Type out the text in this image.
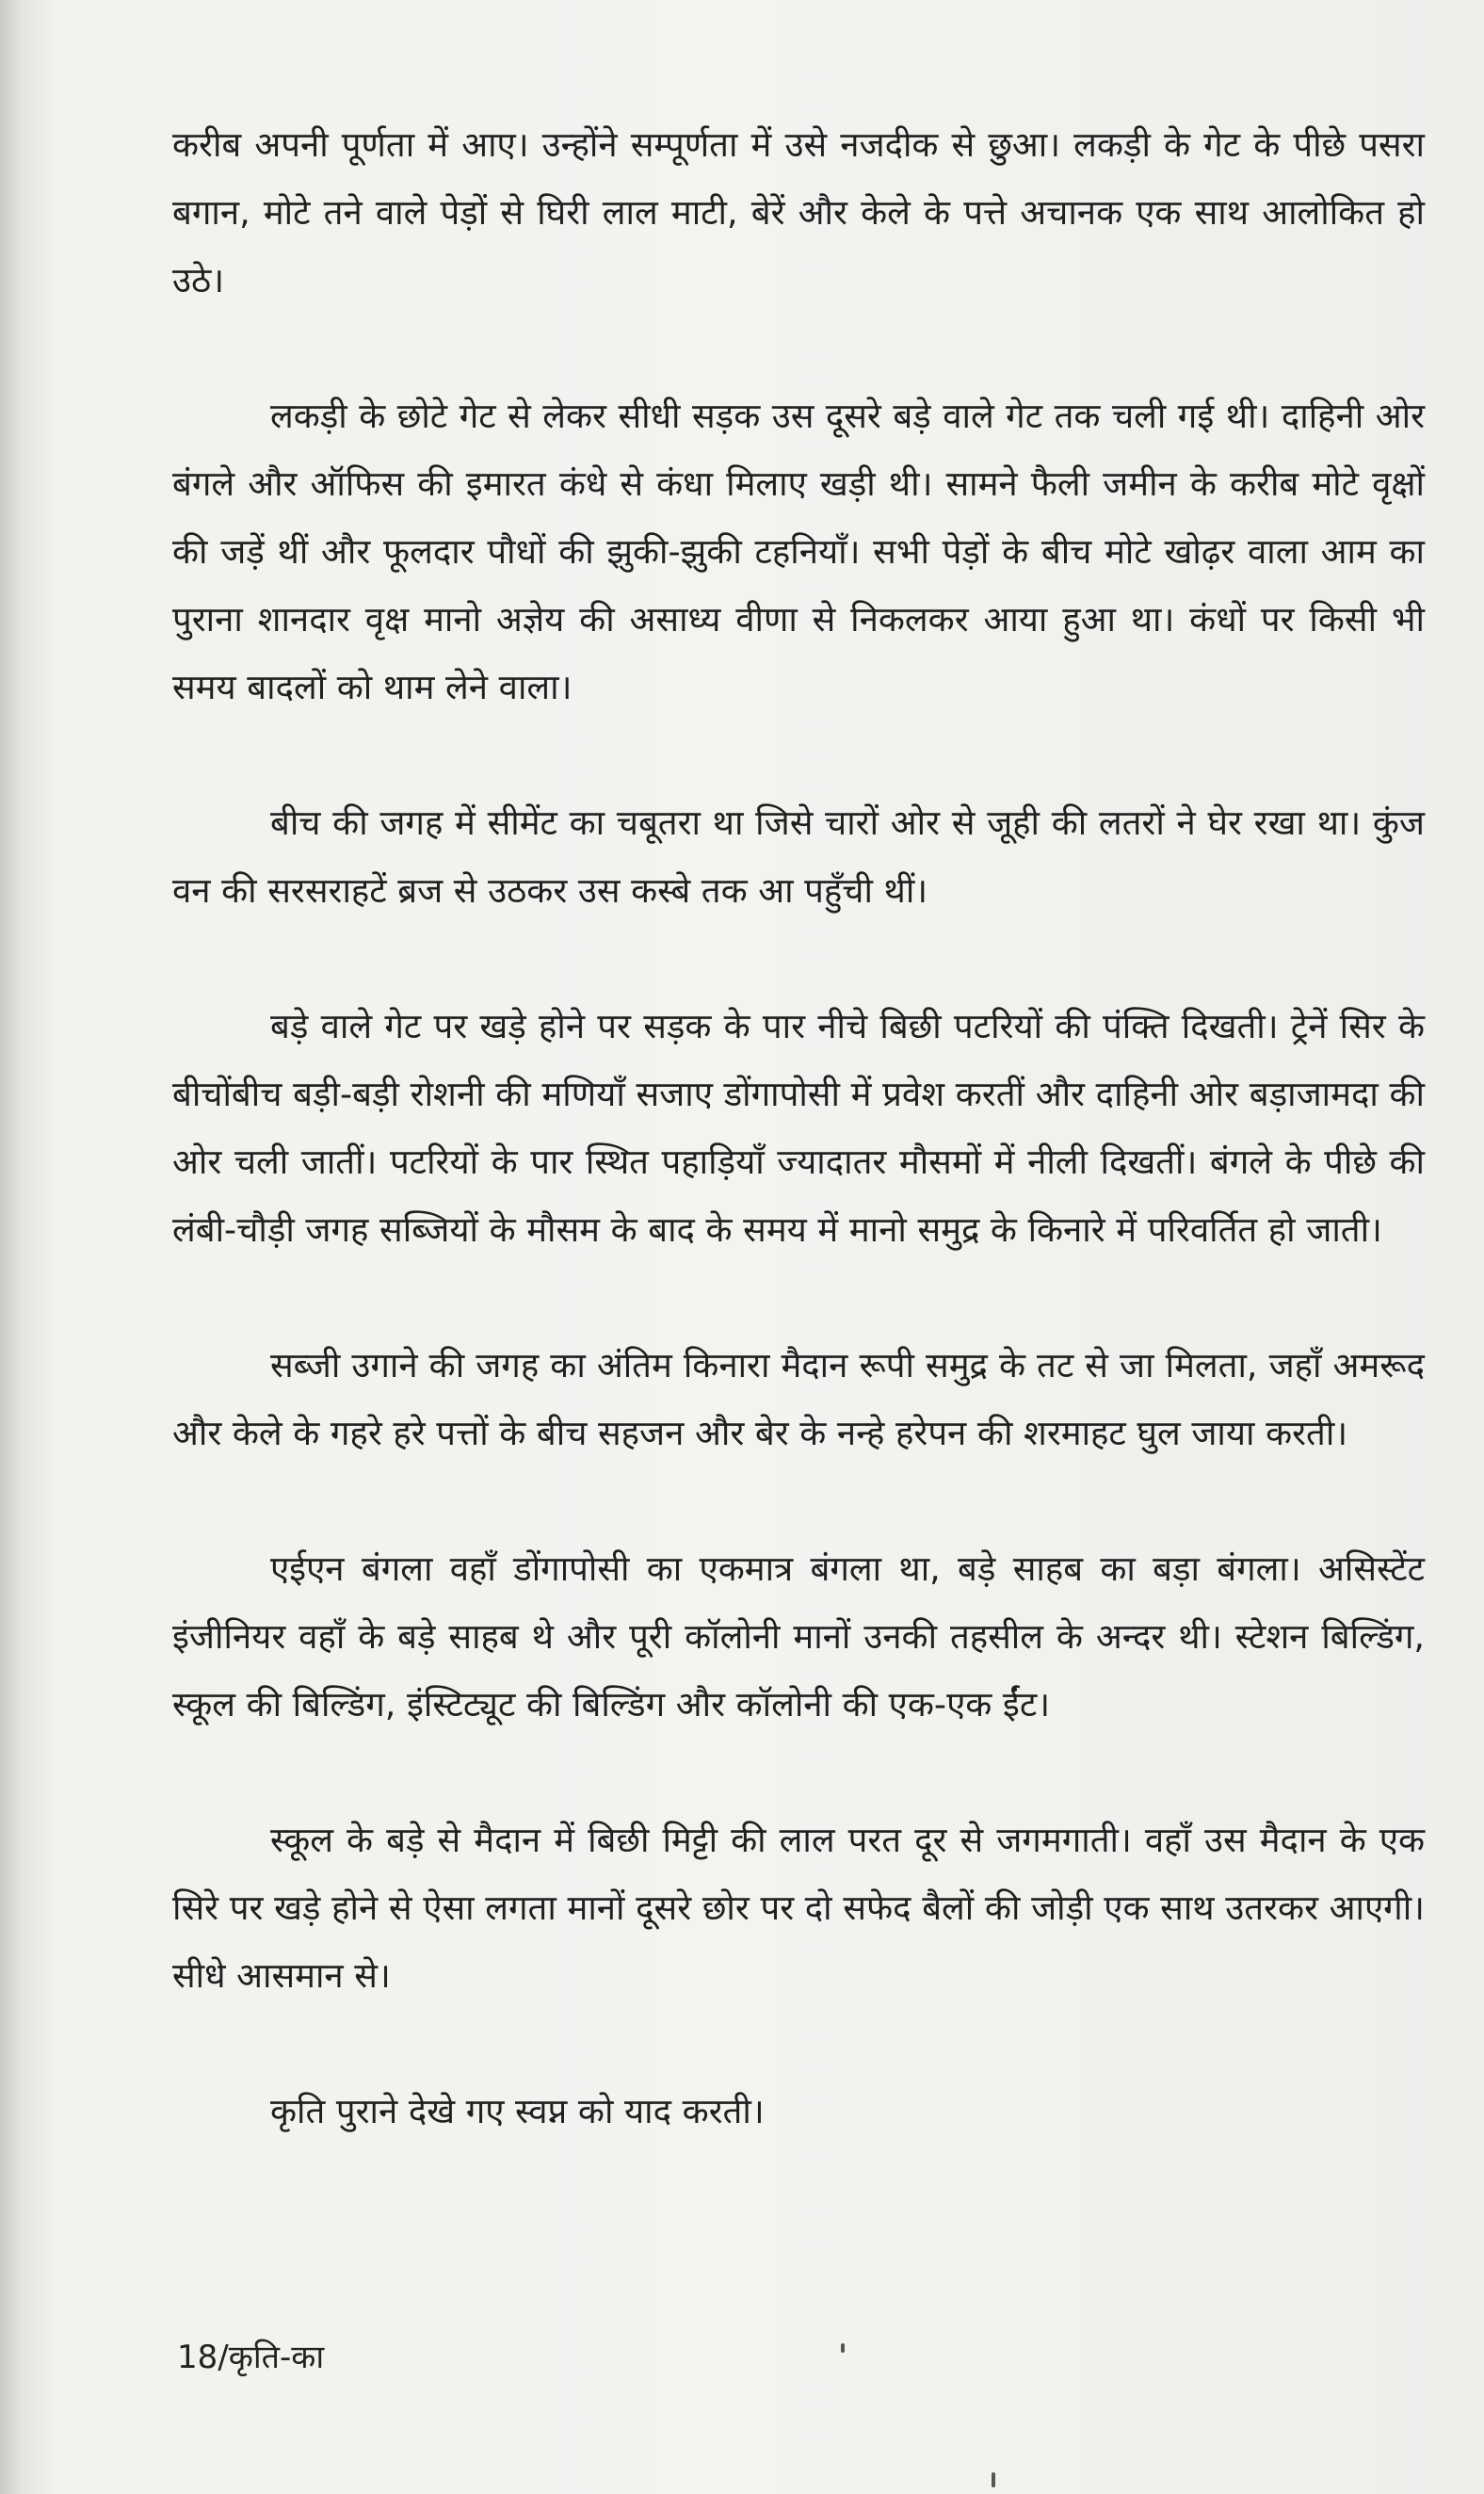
करीब अपनी पूर्णता में आए। उन्होंने सम्पूर्णता में उसे नजदीक से छुआ। लकड़ी के गेट के पीछे पसरा बगान, मोटे तने वाले पेड़ों से घिरी लाल माटी, बेरें और केले के पत्ते अचानक एक साथ आलोकित हो उठे।

लकड़ी के छोटे गेट से लेकर सीधी सड़क उस दूसरे बड़े वाले गेट तक चली गई थी। दाहिनी ओर बंगले और ऑफिस की इमारत कंधे से कंधा मिलाए खड़ी थी। सामने फैली जमीन के करीब मोटे वृक्षों की जड़ें थीं और फूलदार पौधों की झुकी-झुकी टहनियाँ। सभी पेड़ों के बीच मोटे खोढ़र वाला आम का पुराना शानदार वृक्ष मानो अज्ञेय की असाध्य वीणा से निकलकर आया हुआ था। कंधों पर किसी भी समय बादलों को थाम लेने वाला।

बीच की जगह में सीमेंट का चबूतरा था जिसे चारों ओर से जूही की लतरों ने घेर रखा था। कुंज वन की सरसराहटें ब्रज से उठकर उस कस्बे तक आ पहुँची थीं।

बड़े वाले गेट पर खड़े होने पर सड़क के पार नीचे बिछी पटरियों की पंक्ति दिखती। ट्रेनें सिर के बीचोंबीच बड़ी-बड़ी रोशनी की मणियाँ सजाए डोंगापोसी में प्रवेश करतीं और दाहिनी ओर बड़ाजामदा की ओर चली जातीं। पटरियों के पार स्थित पहाड़ियाँ ज्यादातर मौसमों में नीली दिखतीं। बंगले के पीछे की लंबी-चौड़ी जगह सब्जियों के मौसम के बाद के समय में मानो समुद्र के किनारे में परिवर्तित हो जाती।

सब्जी उगाने की जगह का अंतिम किनारा मैदान रूपी समुद्र के तट से जा मिलता, जहाँ अमरूद और केले के गहरे हरे पत्तों के बीच सहजन और बेर के नन्हे हरेपन की शरमाहट घुल जाया करती।

एईएन बंगला वहाँ डोंगापोसी का एकमात्र बंगला था, बड़े साहब का बड़ा बंगला। असिस्टेंट इंजीनियर वहाँ के बड़े साहब थे और पूरी कॉलोनी मानों उनकी तहसील के अन्दर थी। स्टेशन बिल्डिंग, स्कूल की बिल्डिंग, इंस्टिट्यूट की बिल्डिंग और कॉलोनी की एक-एक ईंट।

स्कूल के बड़े से मैदान में बिछी मिट्टी की लाल परत दूर से जगमगाती। वहाँ उस मैदान के एक सिरे पर खड़े होने से ऐसा लगता मानों दूसरे छोर पर दो सफेद बैलों की जोड़ी एक साथ उतरकर आएगी। सीधे आसमान से।

कृति पुराने देखे गए स्वप्न को याद करती।

18/कृति-का
